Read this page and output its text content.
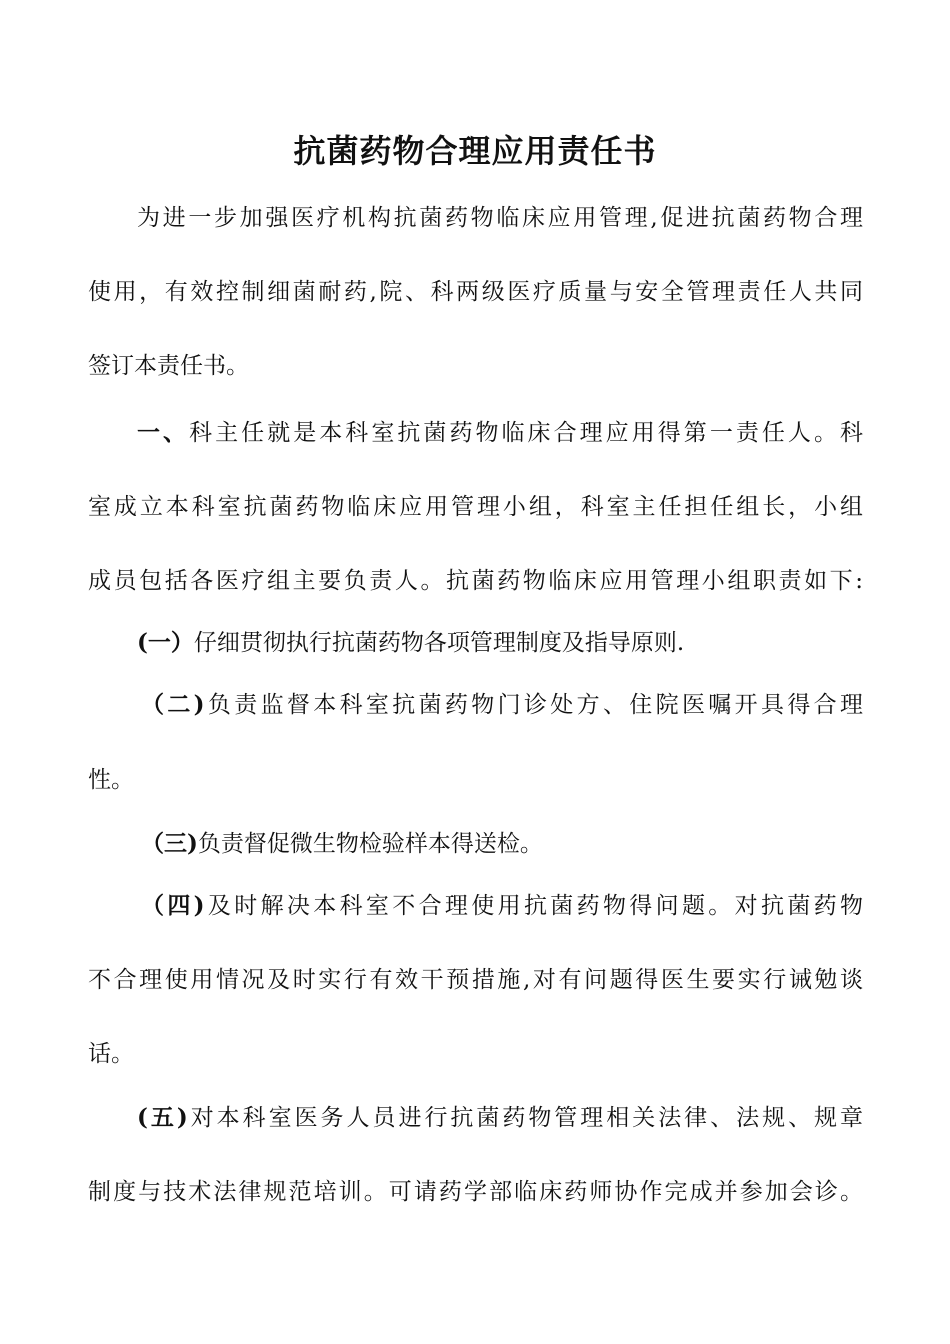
抗菌药物合理应用责任书
为进一步加强医疗机构抗菌药物临床应用管理,促进抗菌药物合理
使用，有效控制细菌耐药,院、科两级医疗质量与安全管理责任人共同
签订本责任书。
一、科主任就是本科室抗菌药物临床合理应用得第一责任人。科
室成立本科室抗菌药物临床应用管理小组，科室主任担任组长，小组
成员包括各医疗组主要负责人。抗菌药物临床应用管理小组职责如下:
(一）仔细贯彻执行抗菌药物各项管理制度及指导原则.
（二)负责监督本科室抗菌药物门诊处方、住院医嘱开具得合理
性。
（三)负责督促微生物检验样本得送检。
（四)及时解决本科室不合理使用抗菌药物得问题。对抗菌药物
不合理使用情况及时实行有效干预措施,对有问题得医生要实行诫勉谈
话。
(五)对本科室医务人员进行抗菌药物管理相关法律、法规、规章
制度与技术法律规范培训。可请药学部临床药师协作完成并参加会诊。
